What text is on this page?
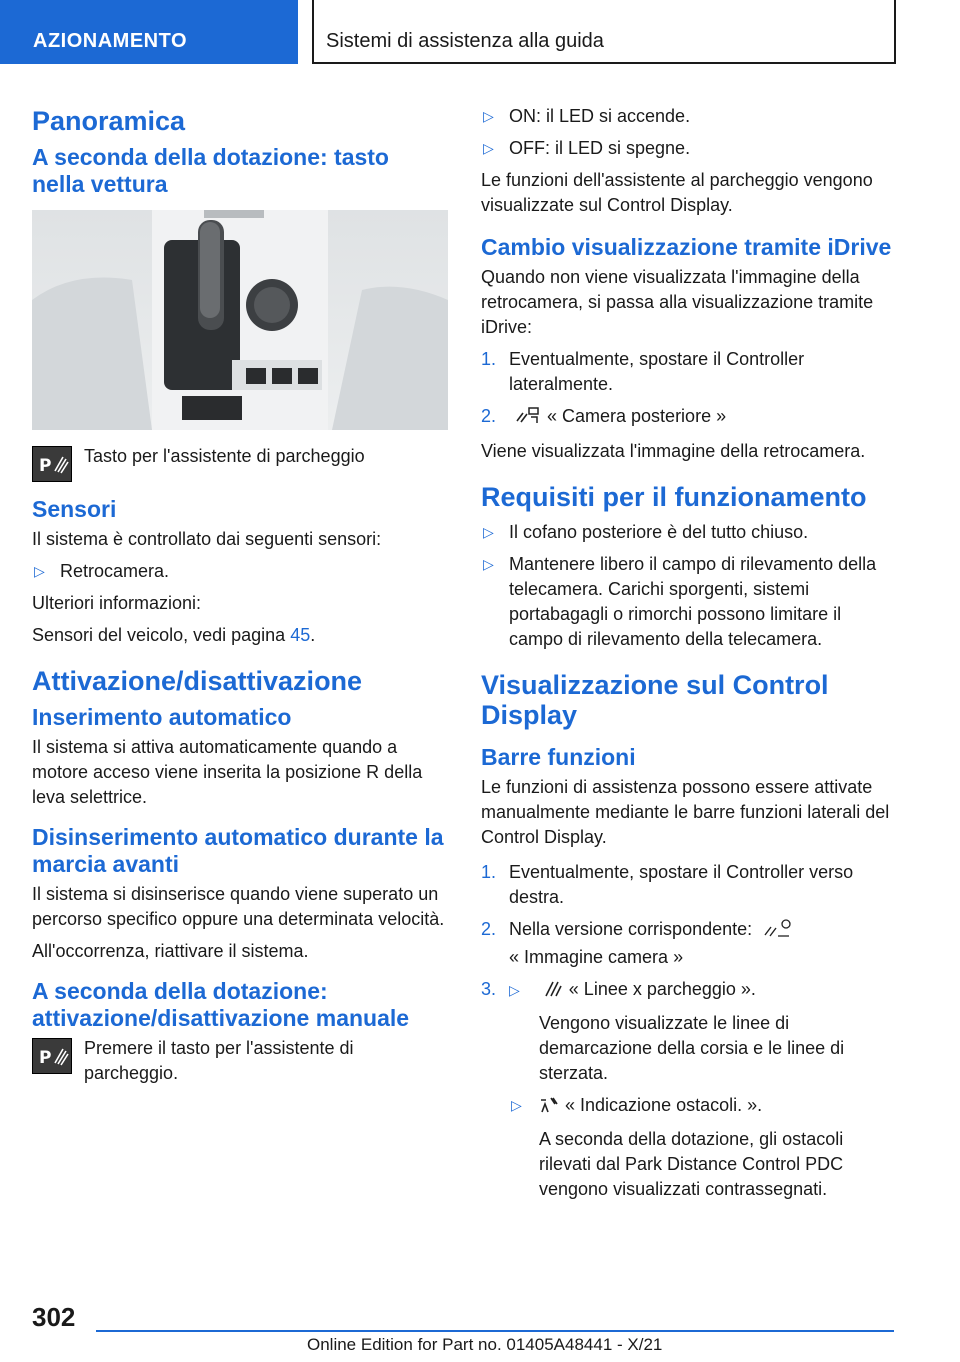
AZIONAMENTO	Sistemi di assistenza alla guida
Panoramica
A seconda della dotazione: tasto nella vettura
P Tasto per l'assistente di parcheggio
Sensori
Il sistema è controllato dai seguenti sensori:
▷ Retrocamera.
Ulteriori informazioni:
Sensori del veicolo, vedi pagina 45.
Attivazione/disattivazione
Inserimento automatico
Il sistema si attiva automaticamente quando a motore acceso viene inserita la posizione R della leva selettrice.
Disinserimento automatico durante la marcia avanti
Il sistema si disinserisce quando viene superato un percorso specifico oppure una determinata velocità.
All'occorrenza, riattivare il sistema.
A seconda della dotazione: attivazione/disattivazione manuale
P Premere il tasto per l'assistente di parcheggio.
▷ ON: il LED si accende.
▷ OFF: il LED si spegne.
Le funzioni dell'assistente al parcheggio vengono visualizzate sul Control Display.
Cambio visualizzazione tramite iDrive
Quando non viene visualizzata l'immagine della retrocamera, si passa alla visualizzazione tramite iDrive:
1. Eventualmente, spostare il Controller lateralmente.
2.	« Camera posteriore »
Viene visualizzata l'immagine della retrocamera.
Requisiti per il funzionamento
▷ Il cofano posteriore è del tutto chiuso.
▷ Mantenere libero il campo di rilevamento della telecamera. Carichi sporgenti, sistemi portabagagli o rimorchi possono limitare il campo di rilevamento della telecamera.
Visualizzazione sul Control Display
Barre funzioni
Le funzioni di assistenza possono essere attivate manualmente mediante le barre funzioni laterali del Control Display.
1. Eventualmente, spostare il Controller verso destra.
2. Nella versione corrispondente:
« Immagine camera »
3. ▷	« Linee x parcheggio ».
Vengono visualizzate le linee di demarcazione della corsia e le linee di sterzata.
▷ « Indicazione ostacoli. ».
A seconda della dotazione, gli ostacoli rilevati dal Park Distance Control PDC vengono visualizzati contrassegnati.
302
Online Edition for Part no. 01405A48441 - X/21
